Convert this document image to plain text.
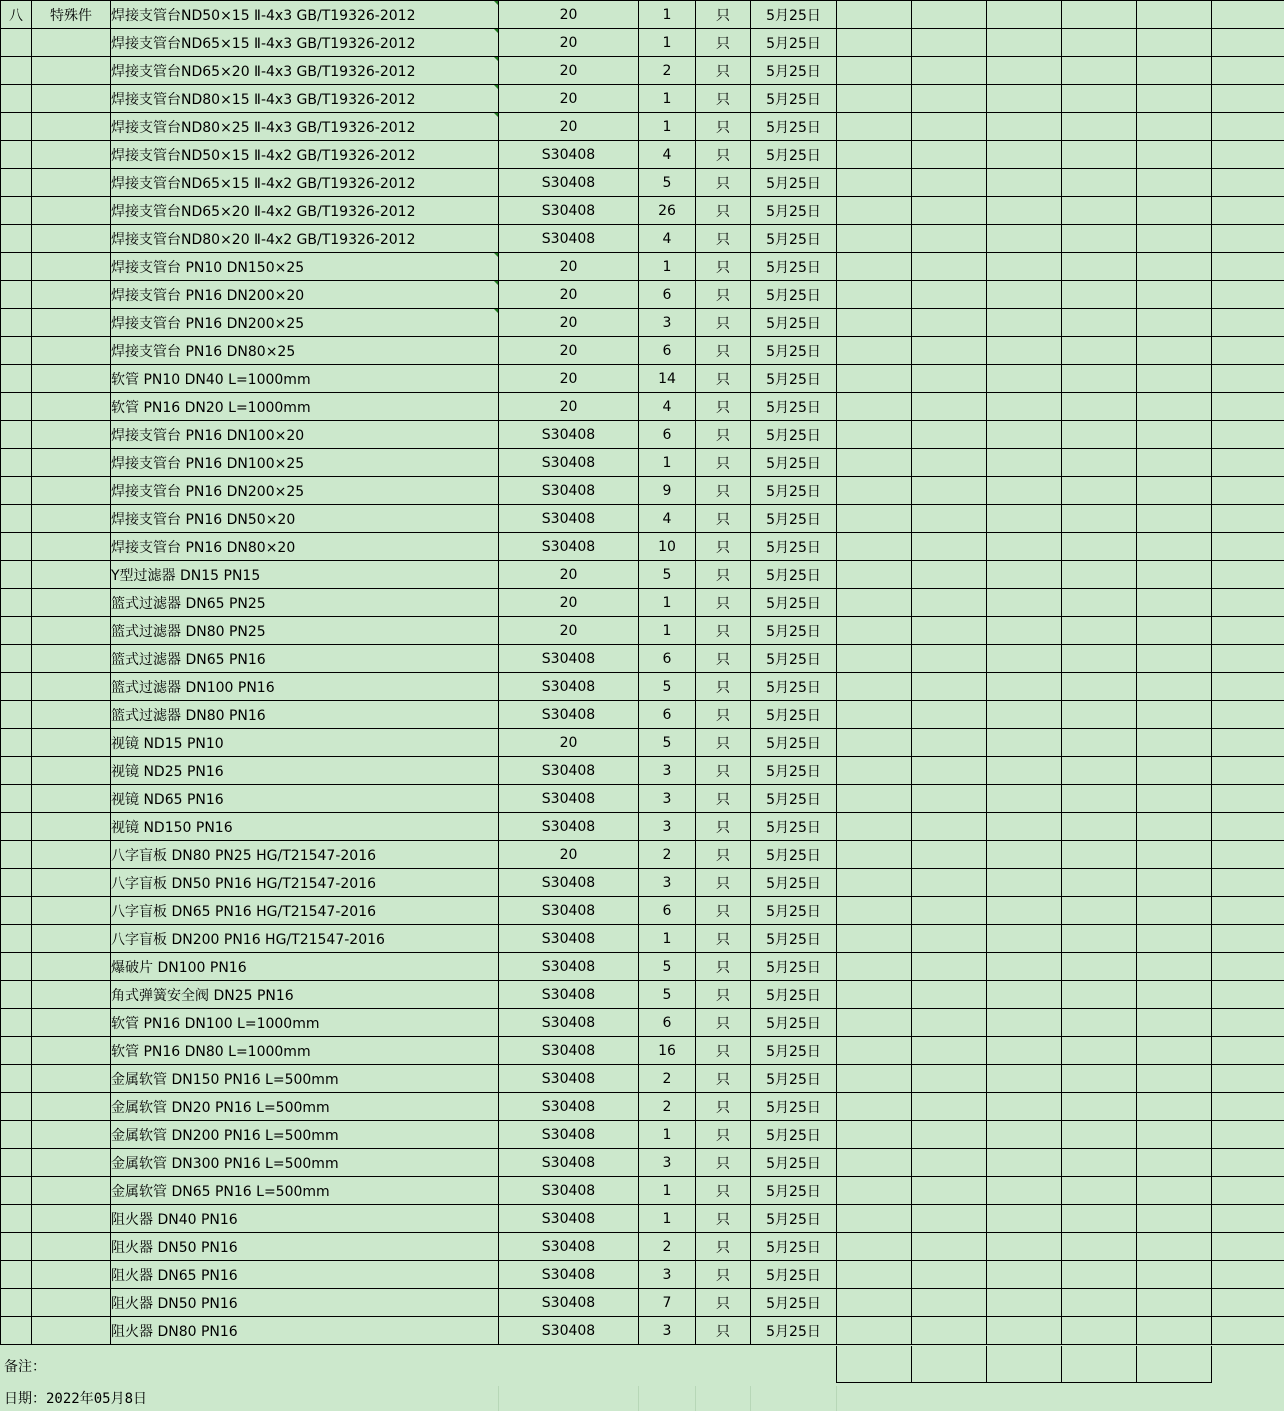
八	特殊件	焊接支管台ND50×15 Ⅱ-4x3 GB/T19326-2012	20	1	只	5月25日						
		焊接支管台ND65×15 Ⅱ-4x3 GB/T19326-2012	20	1	只	5月25日						
		焊接支管台ND65×20 Ⅱ-4x3 GB/T19326-2012	20	2	只	5月25日						
		焊接支管台ND80×15 Ⅱ-4x3 GB/T19326-2012	20	1	只	5月25日						
		焊接支管台ND80×25 Ⅱ-4x3 GB/T19326-2012	20	1	只	5月25日						
		焊接支管台ND50×15 Ⅱ-4x2 GB/T19326-2012	S30408	4	只	5月25日						
		焊接支管台ND65×15 Ⅱ-4x2 GB/T19326-2012	S30408	5	只	5月25日						
		焊接支管台ND65×20 Ⅱ-4x2 GB/T19326-2012	S30408	26	只	5月25日						
		焊接支管台ND80×20 Ⅱ-4x2 GB/T19326-2012	S30408	4	只	5月25日						
		焊接支管台 PN10 DN150×25	20	1	只	5月25日						
		焊接支管台 PN16 DN200×20	20	6	只	5月25日						
		焊接支管台 PN16 DN200×25	20	3	只	5月25日						
		焊接支管台 PN16 DN80×25	20	6	只	5月25日						
		软管 PN10 DN40 L=1000mm	20	14	只	5月25日						
		软管 PN16 DN20 L=1000mm	20	4	只	5月25日						
		焊接支管台 PN16 DN100×20	S30408	6	只	5月25日						
		焊接支管台 PN16 DN100×25	S30408	1	只	5月25日						
		焊接支管台 PN16 DN200×25	S30408	9	只	5月25日						
		焊接支管台 PN16 DN50×20	S30408	4	只	5月25日						
		焊接支管台 PN16 DN80×20	S30408	10	只	5月25日						
		Y型过滤器 DN15 PN15	20	5	只	5月25日						
		篮式过滤器 DN65 PN25	20	1	只	5月25日						
		篮式过滤器 DN80 PN25	20	1	只	5月25日						
		篮式过滤器 DN65 PN16	S30408	6	只	5月25日						
		篮式过滤器 DN100 PN16	S30408	5	只	5月25日						
		篮式过滤器 DN80 PN16	S30408	6	只	5月25日						
		视镜 ND15 PN10	20	5	只	5月25日						
		视镜 ND25 PN16	S30408	3	只	5月25日						
		视镜 ND65 PN16	S30408	3	只	5月25日						
		视镜 ND150 PN16	S30408	3	只	5月25日						
		八字盲板 DN80 PN25 HG/T21547-2016	20	2	只	5月25日						
		八字盲板 DN50 PN16 HG/T21547-2016	S30408	3	只	5月25日						
		八字盲板 DN65 PN16 HG/T21547-2016	S30408	6	只	5月25日						
		八字盲板 DN200 PN16 HG/T21547-2016	S30408	1	只	5月25日						
		爆破片 DN100 PN16	S30408	5	只	5月25日						
		角式弹簧安全阀 DN25 PN16	S30408	5	只	5月25日						
		软管 PN16 DN100 L=1000mm	S30408	6	只	5月25日						
		软管 PN16 DN80 L=1000mm	S30408	16	只	5月25日						
		金属软管 DN150 PN16 L=500mm	S30408	2	只	5月25日						
		金属软管 DN20 PN16 L=500mm	S30408	2	只	5月25日						
		金属软管 DN200 PN16 L=500mm	S30408	1	只	5月25日						
		金属软管 DN300 PN16 L=500mm	S30408	3	只	5月25日						
		金属软管 DN65 PN16 L=500mm	S30408	1	只	5月25日						
		阻火器 DN40 PN16	S30408	1	只	5月25日						
		阻火器 DN50 PN16	S30408	2	只	5月25日						
		阻火器 DN65 PN16	S30408	3	只	5月25日						
		阻火器 DN50 PN16	S30408	7	只	5月25日						
		阻火器 DN80 PN16	S30408	3	只	5月25日						
备注：
日期：2022年05月8日
